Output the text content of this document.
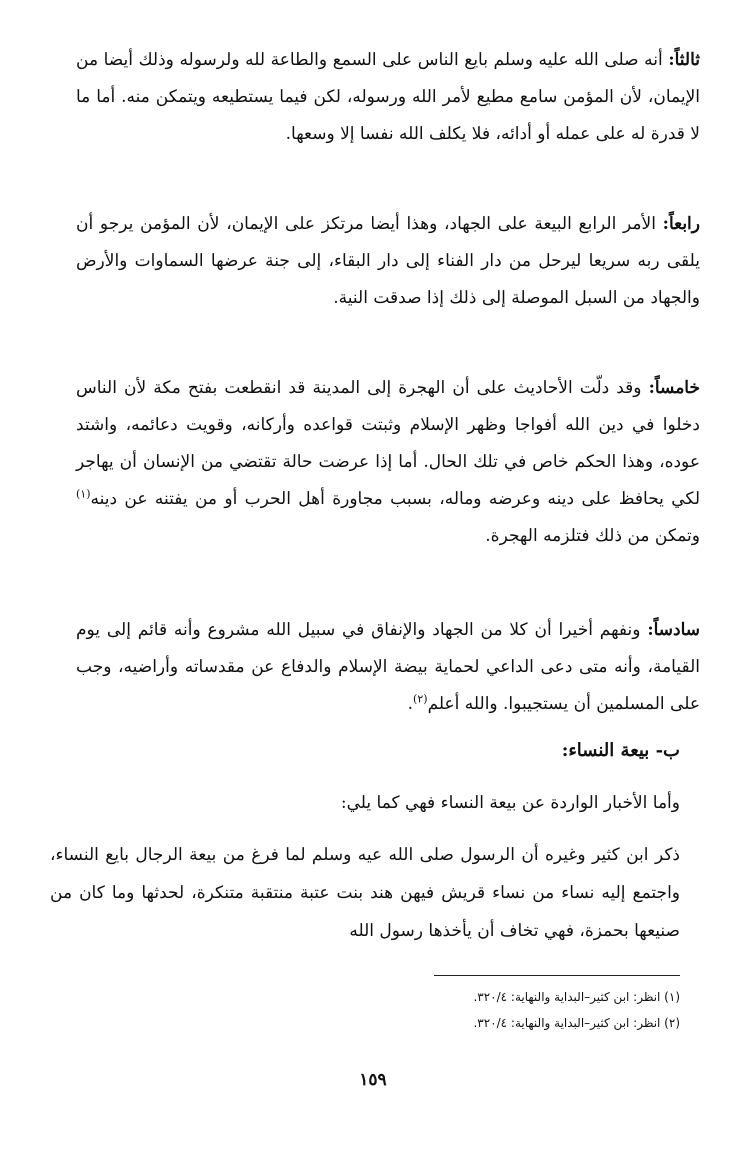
ثالثاً: أنه صلى الله عليه وسلم بايع الناس على السمع والطاعة لله ولرسوله وذلك أيضا من الإيمان، لأن المؤمن سامع مطيع لأمر الله ورسوله، لكن فيما يستطيعه ويتمكن منه. أما ما لا قدرة له على عمله أو أدائه، فلا يكلف الله نفسا إلا وسعها.
رابعاً: الأمر الرابع البيعة على الجهاد، وهذا أيضا مرتكز على الإيمان، لأن المؤمن يرجو أن يلقى ربه سريعا ليرحل من دار الفناء إلى دار البقاء، إلى جنة عرضها السماوات والأرض والجهاد من السبل الموصلة إلى ذلك إذا صدقت النية.
خامساً: وقد دلّت الأحاديث على أن الهجرة إلى المدينة قد انقطعت بفتح مكة لأن الناس دخلوا في دين الله أفواجا وظهر الإسلام وثبتت قواعده وأركانه، وقويت دعائمه، واشتد عوده، وهذا الحكم خاص في تلك الحال. أما إذا عرضت حالة تقتضي من الإنسان أن يهاجر لكي يحافظ على دينه وعرضه وماله، بسبب مجاورة أهل الحرب أو من يفتنه عن دينه$^{(١)}$ وتمكن من ذلك فتلزمه الهجرة.
سادساً: ونفهم أخيرا أن كلا من الجهاد والإنفاق في سبيل الله مشروع وأنه قائم إلى يوم القيامة، وأنه متى دعى الداعي لحماية بيضة الإسلام والدفاع عن مقدساته وأراضيه، وجب على المسلمين أن يستجيبوا. والله أعلم$^{(٢)}$.
ب- بيعة النساء:
وأما الأخبار الواردة عن بيعة النساء فهي كما يلي:
ذكر ابن كثير وغيره أن الرسول صلى الله عيه وسلم لما فرغ من بيعة الرجال بايع النساء، واجتمع إليه نساء من نساء قريش فيهن هند بنت عتبة منتقبة متنكرة، لحدثها وما كان من صنيعها بحمزة، فهي تخاف أن يأخذها رسول الله
(١) انظر: ابن كثير–البداية والنهاية: ٣٢٠/٤.
(٢) انظر: ابن كثير–البداية والنهاية: ٣٢٠/٤.
١٥٩
